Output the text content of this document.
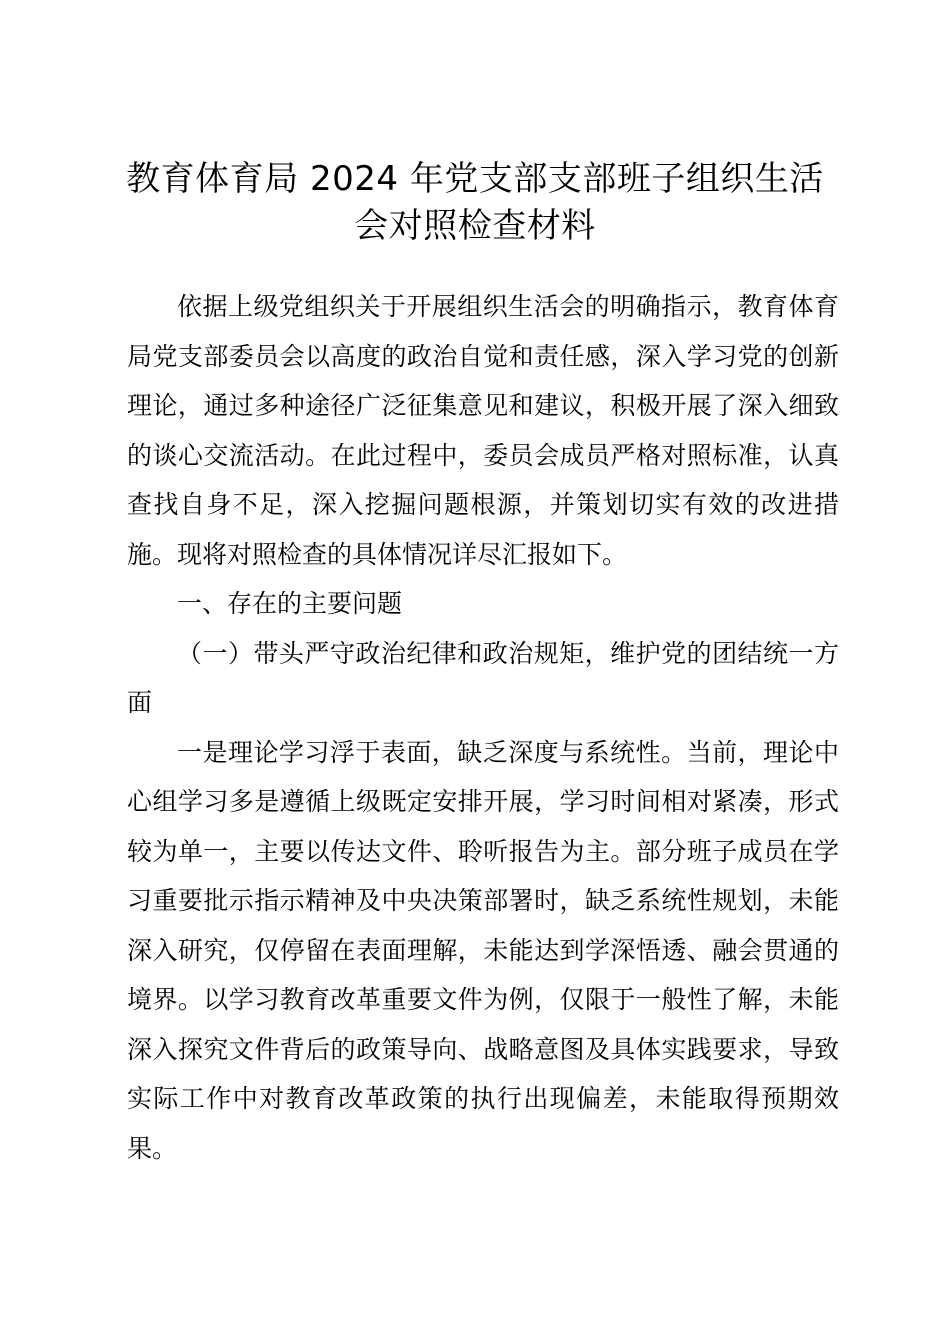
教育体育局 2024 年党支部支部班子组织生活
会对照检查材料

依据上级党组织关于开展组织生活会的明确指示，教育体育局党支部委员会以高度的政治自觉和责任感，深入学习党的创新理论，通过多种途径广泛征集意见和建议，积极开展了深入细致的谈心交流活动。在此过程中，委员会成员严格对照标准，认真查找自身不足，深入挖掘问题根源，并策划切实有效的改进措施。现将对照检查的具体情况详尽汇报如下。

一、存在的主要问题

（一）带头严守政治纪律和政治规矩，维护党的团结统一方面

一是理论学习浮于表面，缺乏深度与系统性。当前，理论中心组学习多是遵循上级既定安排开展，学习时间相对紧凑，形式较为单一，主要以传达文件、聆听报告为主。部分班子成员在学习重要批示指示精神及中央决策部署时，缺乏系统性规划，未能深入研究，仅停留在表面理解，未能达到学深悟透、融会贯通的境界。以学习教育改革重要文件为例，仅限于一般性了解，未能深入探究文件背后的政策导向、战略意图及具体实践要求，导致实际工作中对教育改革政策的执行出现偏差，未能取得预期效果。
